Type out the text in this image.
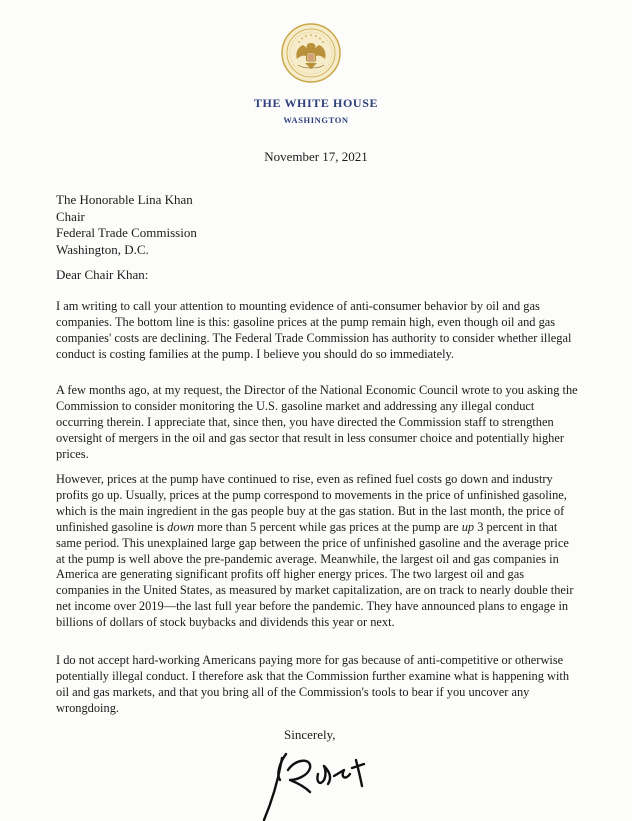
THE WHITE HOUSE
WASHINGTON
November 17, 2021
The Honorable Lina Khan
Chair
Federal Trade Commission
Washington, D.C.
Dear Chair Khan:

I am writing to call your attention to mounting evidence of anti-consumer behavior by oil and gas companies. The bottom line is this: gasoline prices at the pump remain high, even though oil and gas companies' costs are declining. The Federal Trade Commission has authority to consider whether illegal conduct is costing families at the pump. I believe you should do so immediately.

A few months ago, at my request, the Director of the National Economic Council wrote to you asking the Commission to consider monitoring the U.S. gasoline market and addressing any illegal conduct occurring therein. I appreciate that, since then, you have directed the Commission staff to strengthen oversight of mergers in the oil and gas sector that result in less consumer choice and potentially higher prices.

However, prices at the pump have continued to rise, even as refined fuel costs go down and industry profits go up. Usually, prices at the pump correspond to movements in the price of unfinished gasoline, which is the main ingredient in the gas people buy at the gas station. But in the last month, the price of unfinished gasoline is down more than 5 percent while gas prices at the pump are up 3 percent in that same period. This unexplained large gap between the price of unfinished gasoline and the average price at the pump is well above the pre-pandemic average. Meanwhile, the largest oil and gas companies in America are generating significant profits off higher energy prices. The two largest oil and gas companies in the United States, as measured by market capitalization, are on track to nearly double their net income over 2019—the last full year before the pandemic. They have announced plans to engage in billions of dollars of stock buybacks and dividends this year or next.

I do not accept hard-working Americans paying more for gas because of anti-competitive or otherwise potentially illegal conduct. I therefore ask that the Commission further examine what is happening with oil and gas markets, and that you bring all of the Commission's tools to bear if you uncover any wrongdoing.

Sincerely,
